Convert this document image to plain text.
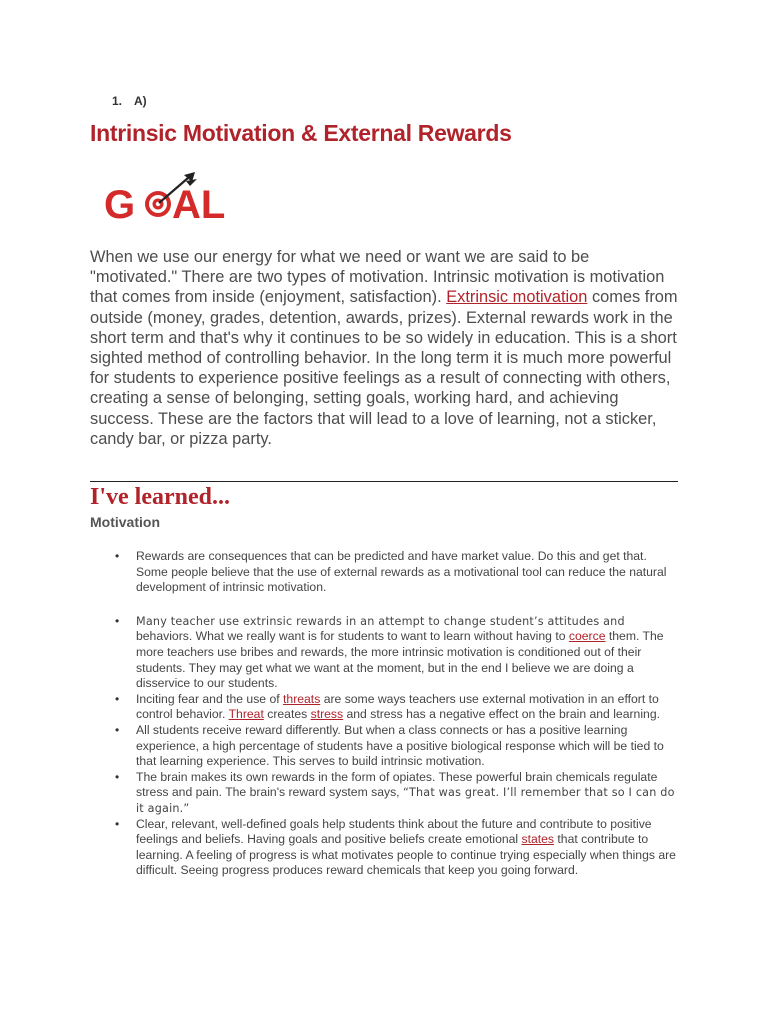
1. A)
Intrinsic Motivation & External Rewards
G AL

When we use our energy for what we need or want we are said to be "motivated." There are two types of motivation. Intrinsic motivation is motivation that comes from inside (enjoyment, satisfaction). Extrinsic motivation comes from outside (money, grades, detention, awards, prizes). External rewards work in the short term and that's why it continues to be so widely in education. This is a short sighted method of controlling behavior. In the long term it is much more powerful for students to experience positive feelings as a result of connecting with others, creating a sense of belonging, setting goals, working hard, and achieving success. These are the factors that will lead to a love of learning, not a sticker, candy bar, or pizza party.

I've learned...
Motivation
• Rewards are consequences that can be predicted and have market value. Do this and get that. Some people believe that the use of external rewards as a motivational tool can reduce the natural development of intrinsic motivation.
• Many teacher use extrinsic rewards in an attempt to change student’s attitudes and behaviors. What we really want is for students to want to learn without having to coerce them. The more teachers use bribes and rewards, the more intrinsic motivation is conditioned out of their students. They may get what we want at the moment, but in the end I believe we are doing a disservice to our students.
• Inciting fear and the use of threats are some ways teachers use external motivation in an effort to control behavior. Threat creates stress and stress has a negative effect on the brain and learning.
• All students receive reward differently. But when a class connects or has a positive learning experience, a high percentage of students have a positive biological response which will be tied to that learning experience. This serves to build intrinsic motivation.
• The brain makes its own rewards in the form of opiates. These powerful brain chemicals regulate stress and pain. The brain's reward system says, “That was great. I’ll remember that so I can do it again.”
• Clear, relevant, well-defined goals help students think about the future and contribute to positive feelings and beliefs. Having goals and positive beliefs create emotional states that contribute to learning. A feeling of progress is what motivates people to continue trying especially when things are difficult. Seeing progress produces reward chemicals that keep you going forward.
